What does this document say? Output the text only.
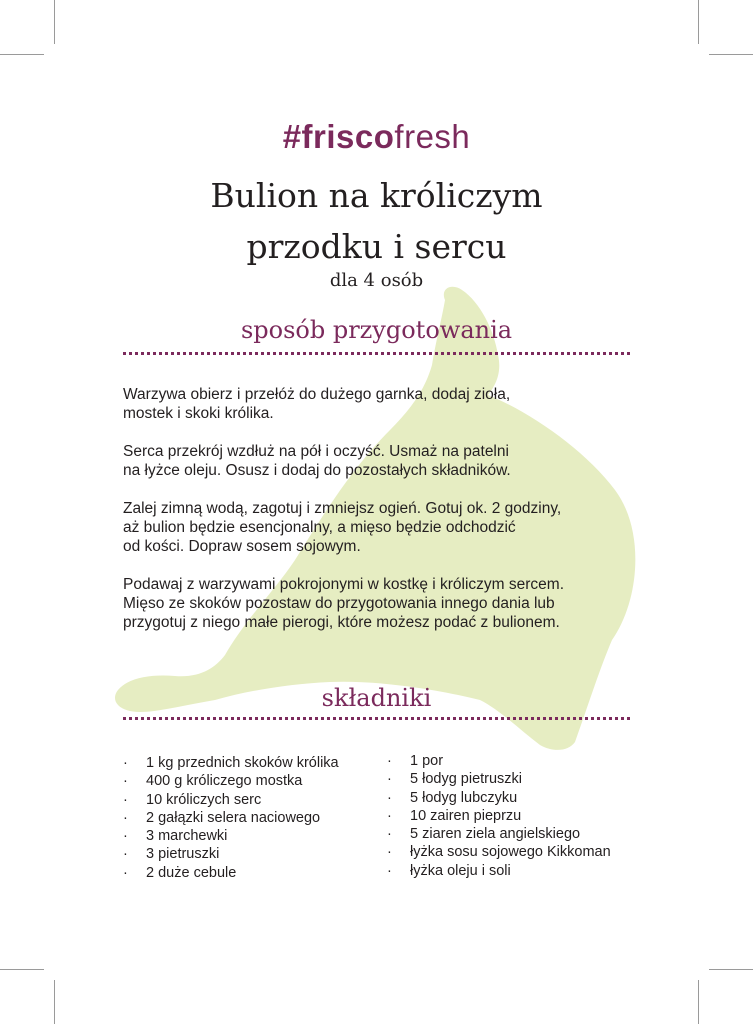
#friscofresh
Bulion na króliczym
przodku i sercu
dla 4 osób
sposób przygotowania

Warzywa obierz i przełóż do dużego garnka, dodaj zioła,
mostek i skoki królika.

Serca przekrój wzdłuż na pół i oczyść. Usmaż na patelni
na łyżce oleju. Osusz i dodaj do pozostałych składników.

Zalej zimną wodą, zagotuj i zmniejsz ogień. Gotuj ok. 2 godziny,
aż bulion będzie esencjonalny, a mięso będzie odchodzić
od kości. Dopraw sosem sojowym.

Podawaj z warzywami pokrojonymi w kostkę i króliczym sercem.
Mięso ze skoków pozostaw do przygotowania innego dania lub
przygotuj z niego małe pierogi, które możesz podać z bulionem.

składniki
· 1 kg przednich skoków królika
· 400 g króliczego mostka
· 10 króliczych serc
· 2 gałązki selera naciowego
· 3 marchewki
· 3 pietruszki
· 2 duże cebule
· 1 por
· 5 łodyg pietruszki
· 5 łodyg lubczyku
· 10 zairen pieprzu
· 5 ziaren ziela angielskiego
· łyżka sosu sojowego Kikkoman
· łyżka oleju i soli
